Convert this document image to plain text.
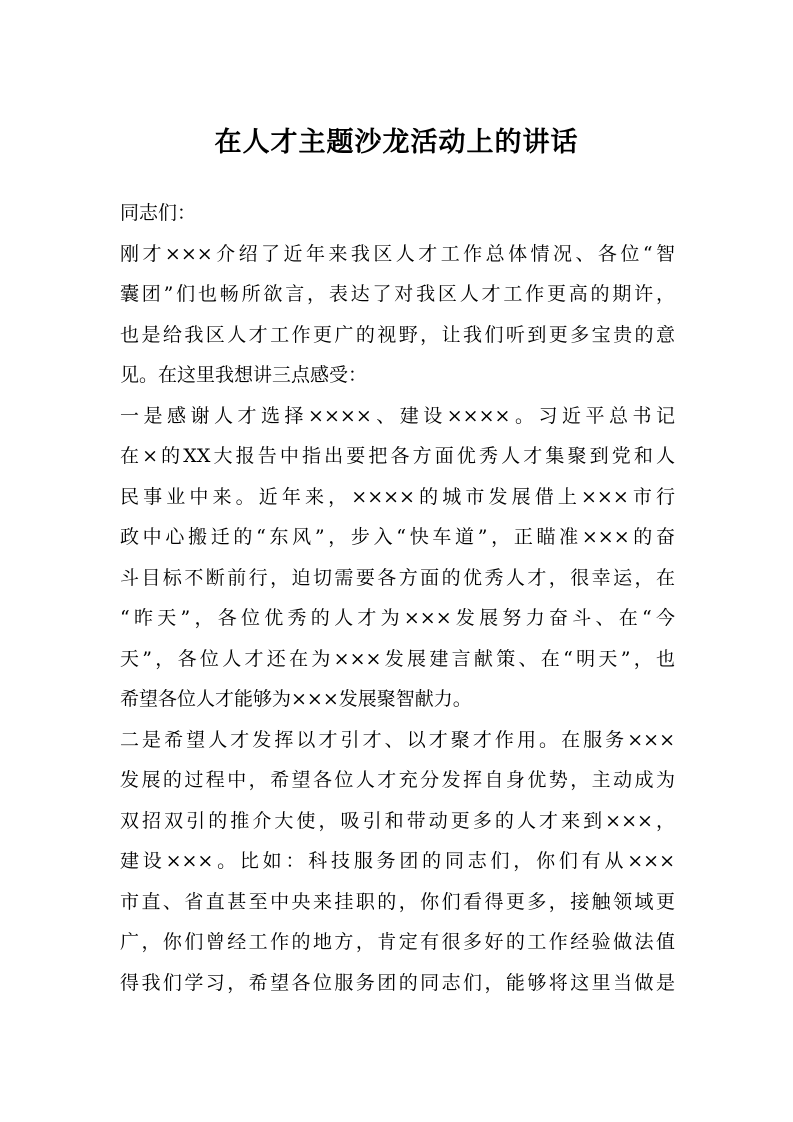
在人才主题沙龙活动上的讲话
同志们：
刚才×××介绍了近年来我区人才工作总体情况、各位“智
囊团”们也畅所欲言，表达了对我区人才工作更高的期许，
也是给我区人才工作更广的视野，让我们听到更多宝贵的意
见。在这里我想讲三点感受：
一是感谢人才选择××××、建设××××。习近平总书记
在×的XX大报告中指出要把各方面优秀人才集聚到党和人
民事业中来。近年来，××××的城市发展借上×××市行
政中心搬迁的“东风”，步入“快车道”，正瞄准×××的奋
斗目标不断前行，迫切需要各方面的优秀人才，很幸运，在
“昨天”，各位优秀的人才为×××发展努力奋斗、在“今
天”，各位人才还在为×××发展建言献策、在“明天”，也
希望各位人才能够为×××发展聚智献力。
二是希望人才发挥以才引才、以才聚才作用。在服务×××
发展的过程中，希望各位人才充分发挥自身优势，主动成为
双招双引的推介大使，吸引和带动更多的人才来到×××，
建设×××。比如：科技服务团的同志们，你们有从×××
市直、省直甚至中央来挂职的，你们看得更多，接触领域更
广，你们曾经工作的地方，肯定有很多好的工作经验做法值
得我们学习，希望各位服务团的同志们，能够将这里当做是
